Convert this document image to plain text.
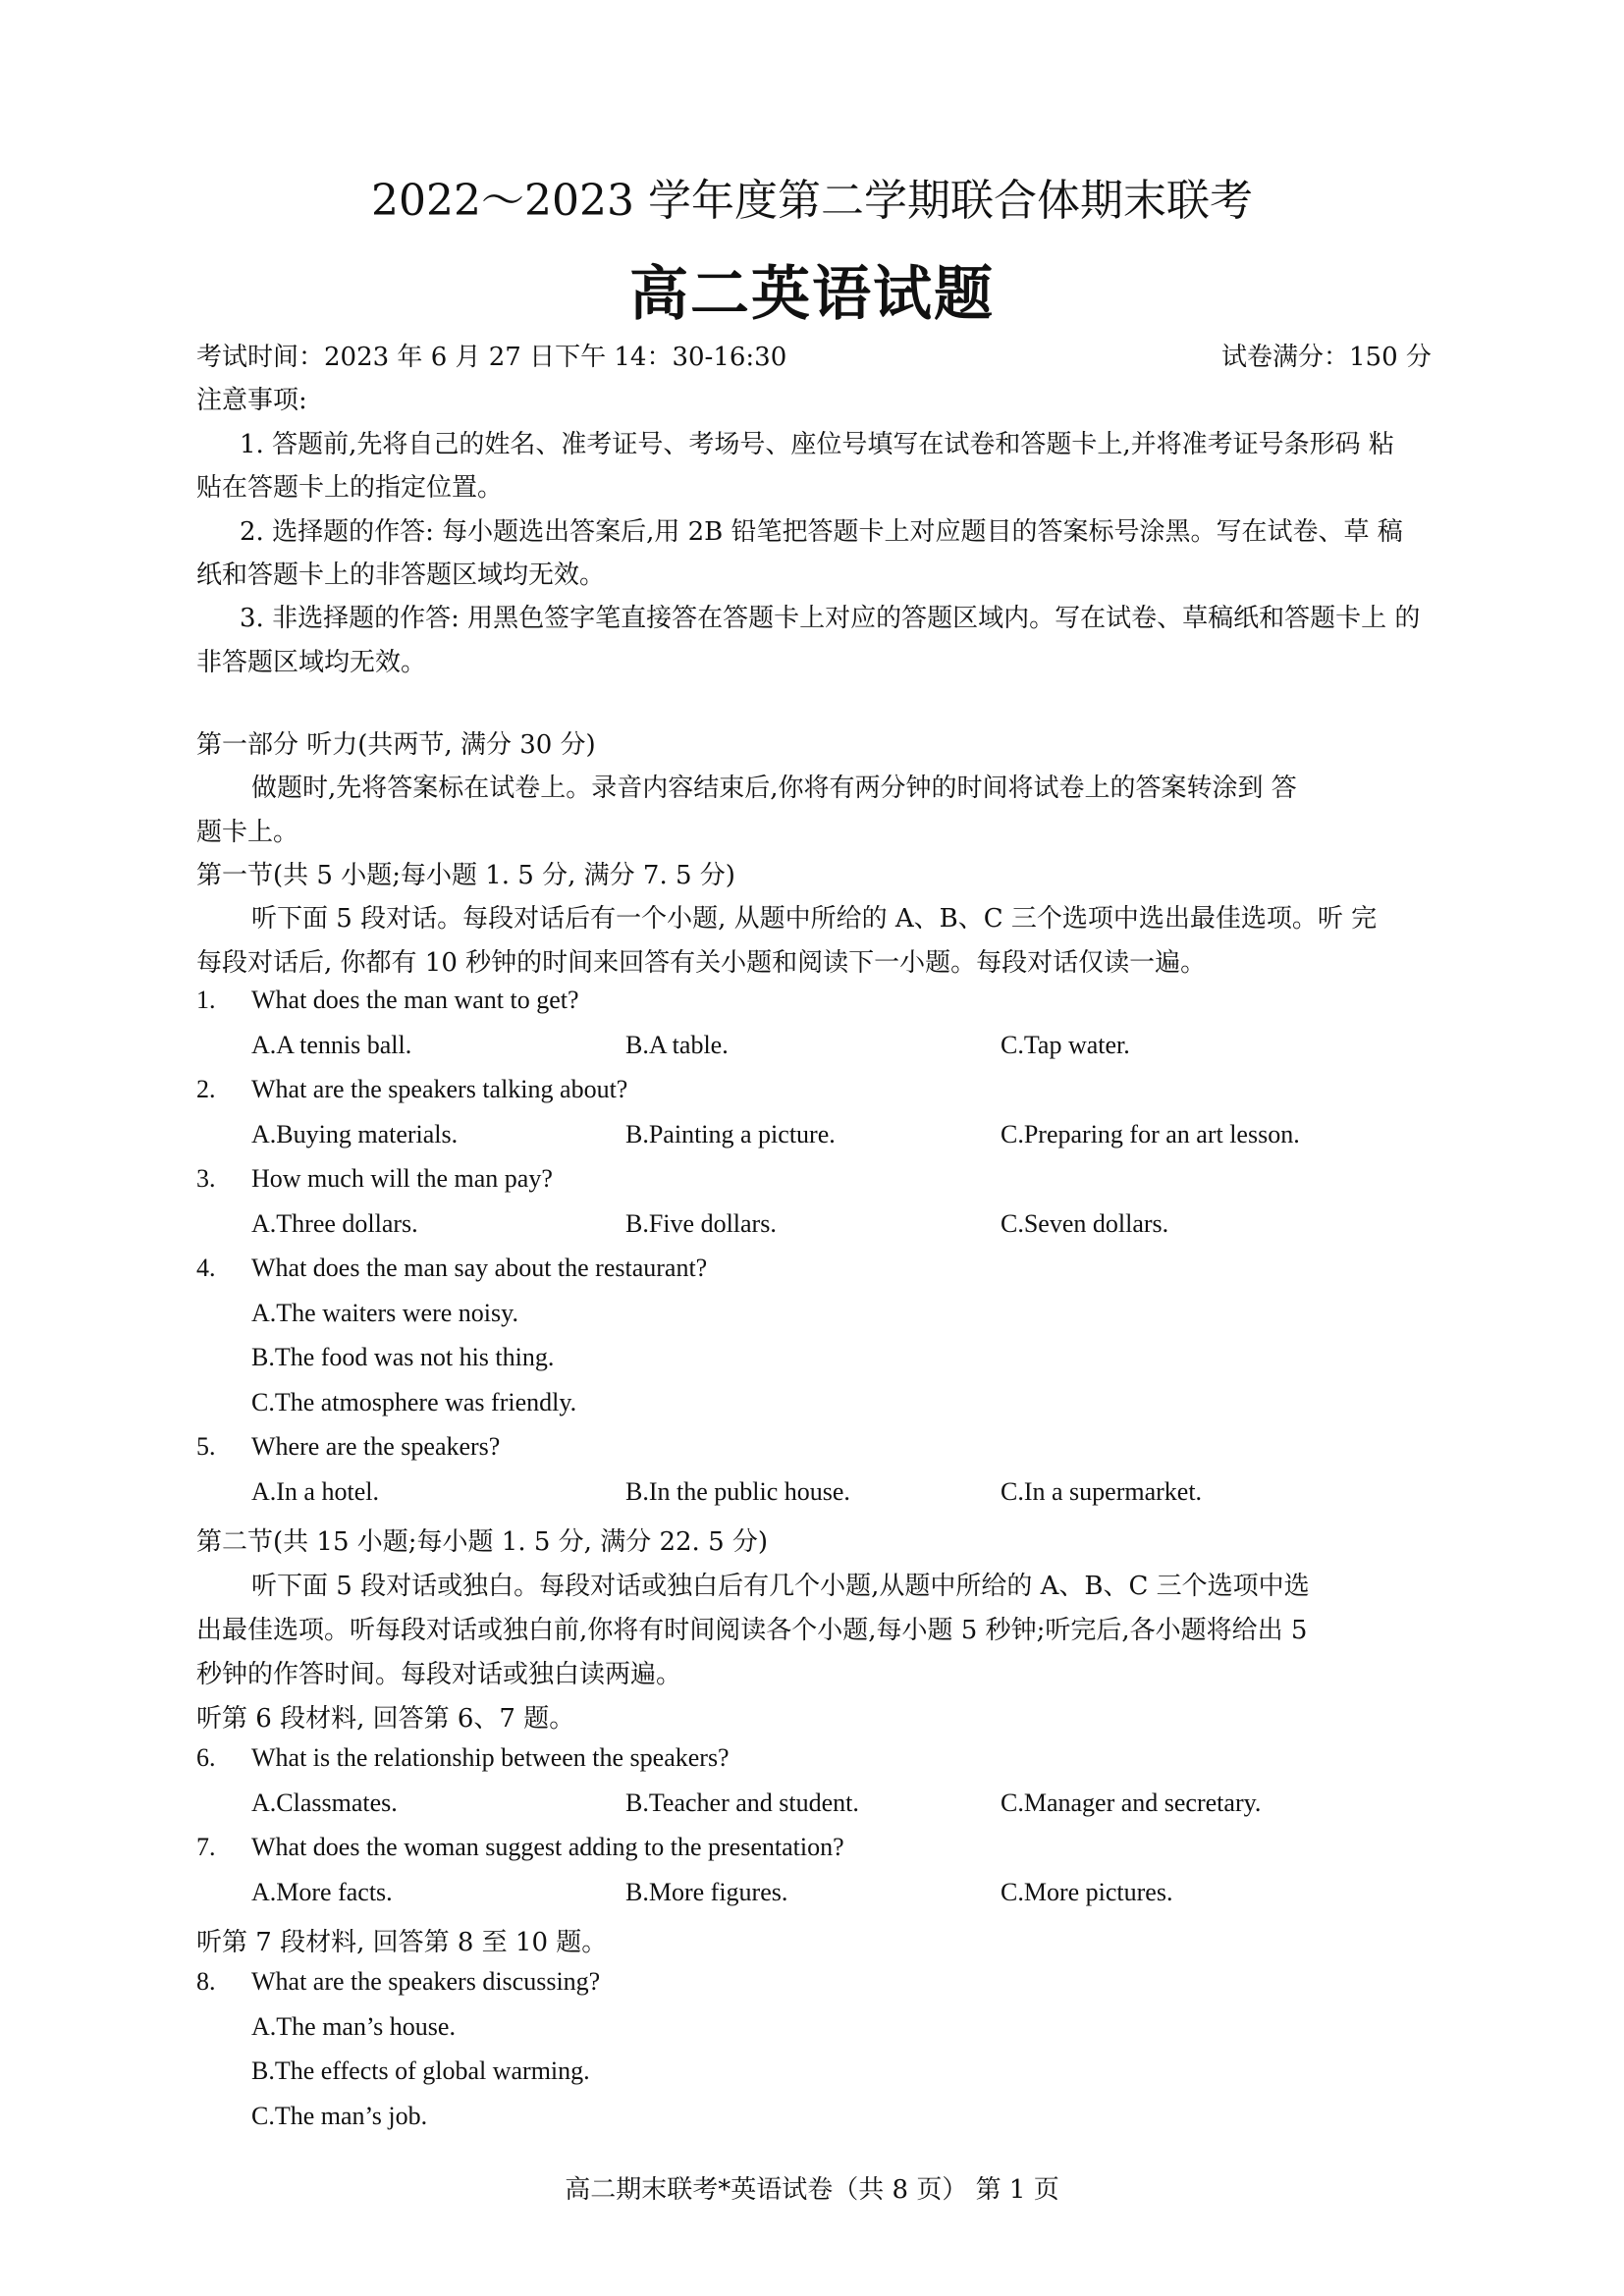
2022～2023 学年度第二学期联合体期末联考
高二英语试题
考试时间：2023 年 6 月 27 日下午 14：30-16:30	试卷满分：150 分
注意事项:
1. 答题前,先将自己的姓名、准考证号、考场号、座位号填写在试卷和答题卡上,并将准考证号条形码 粘
贴在答题卡上的指定位置。
2. 选择题的作答: 每小题选出答案后,用 2B 铅笔把答题卡上对应题目的答案标号涂黑。写在试卷、草 稿
纸和答题卡上的非答题区域均无效。
3. 非选择题的作答: 用黑色签字笔直接答在答题卡上对应的答题区域内。写在试卷、草稿纸和答题卡上 的
非答题区域均无效。
第一部分 听力(共两节, 满分 30 分)
做题时,先将答案标在试卷上。录音内容结束后,你将有两分钟的时间将试卷上的答案转涂到 答
题卡上。
第一节(共 5 小题;每小题 1. 5 分, 满分 7. 5 分)
听下面 5 段对话。每段对话后有一个小题, 从题中所给的 A、B、C 三个选项中选出最佳选项。听 完
每段对话后, 你都有 10 秒钟的时间来回答有关小题和阅读下一小题。每段对话仅读一遍。
1. What does the man want to get?
A.A tennis ball.	B.A table.	C.Tap water.
2. What are the speakers talking about?
A.Buying materials.	B.Painting a picture.	C.Preparing for an art lesson.
3. How much will the man pay?
A.Three dollars.	B.Five dollars.	C.Seven dollars.
4. What does the man say about the restaurant?
A.The waiters were noisy.
B.The food was not his thing.
C.The atmosphere was friendly.
5. Where are the speakers?
A.In a hotel.	B.In the public house.	C.In a supermarket.
第二节(共 15 小题;每小题 1. 5 分, 满分 22. 5 分)
听下面 5 段对话或独白。每段对话或独白后有几个小题,从题中所给的 A、B、C 三个选项中选
出最佳选项。听每段对话或独白前,你将有时间阅读各个小题,每小题 5 秒钟;听完后,各小题将给出 5
秒钟的作答时间。每段对话或独白读两遍。
听第 6 段材料, 回答第 6、7 题。
6. What is the relationship between the speakers?
A.Classmates.	B.Teacher and student.	C.Manager and secretary.
7. What does the woman suggest adding to the presentation?
A.More facts.	B.More figures.	C.More pictures.
听第 7 段材料, 回答第 8 至 10 题。
8. What are the speakers discussing?
A.The man’s house.
B.The effects of global warming.
C.The man’s job.
高二期末联考*英语试卷（共 8 页） 第 1 页
